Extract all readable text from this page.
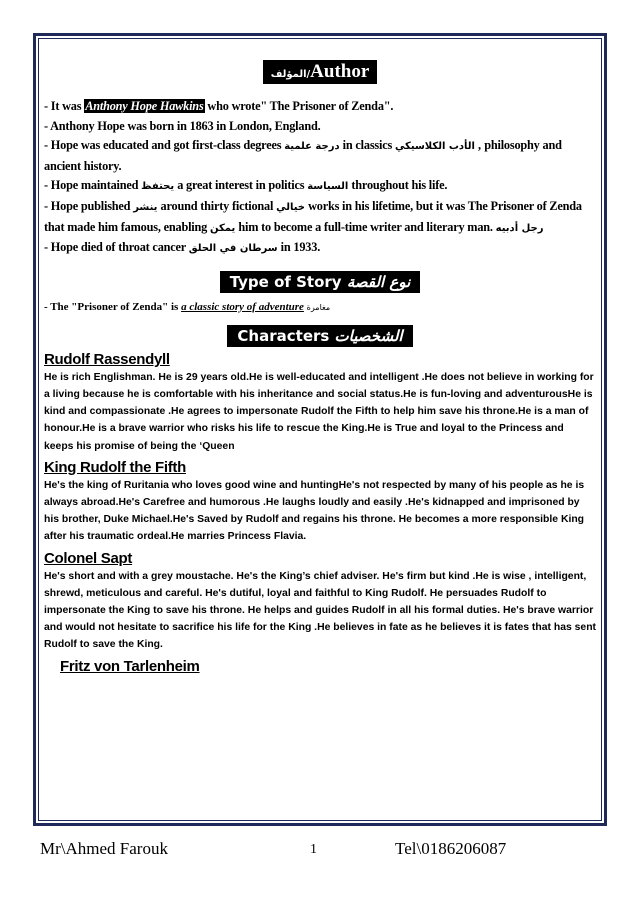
المؤلف/Author

- It was Anthony Hope Hawkins who wrote" The Prisoner of Zenda".

- Anthony Hope was born in 1863 in London, England.

- Hope was educated and got first-class degrees درجة علمية in classics الأدب الكلاسيكي , philosophy and ancient history.

- Hope maintained يحتفظ a great interest in politics السياسة throughout his life.

- Hope published ينشر around thirty fictional خيالي works in his lifetime, but it was The Prisoner of Zenda that made him famous, enabling يمكن him to become a full-time writer and literary man. رجل أدبيه

- Hope died of throat cancer سرطان في الحلق in 1933.

Type of Story نوع القصة
- The "Prisoner of Zenda" is a classic story of adventure مغامرة
Characters الشخصيات
Rudolf Rassendyll

He is rich Englishman. He is 29 years old.He is well-educated and intelligent .He does not believe in working for a living because he is comfortable with his inheritance and social status.He is fun-loving and adventurousHe is kind and compassionate .He agrees to impersonate Rudolf the Fifth to help him save his throne.He is a man of honour.He is a brave warrior who risks his life to rescue the King.He is True and loyal to the Princess and keeps his promise of being the ‘Queen

King Rudolf the Fifth

He's the king of Ruritania who loves good wine and huntingHe's not respected by many of his people as he is always abroad.He's Carefree and humorous .He laughs loudly and easily .He's kidnapped and imprisoned by his brother, Duke Michael.He's Saved by Rudolf and regains his throne. He becomes a more responsible King after his traumatic ordeal.He marries Princess Flavia.

Colonel Sapt

He's short and with a grey moustache. He's the King’s chief adviser. He's firm but kind .He is wise , intelligent, shrewd, meticulous and careful. He's dutiful, loyal and faithful to King Rudolf. He persuades Rudolf to impersonate the King to save his throne. He helps and guides Rudolf in all his formal duties. He's brave warrior and would not hesitate to sacrifice his life for the King .He believes in fate as he believes it is fates that has sent Rudolf to save the King.

Fritz von Tarlenheim
Mr\Ahmed Farouk	1	Tel\0186206087
